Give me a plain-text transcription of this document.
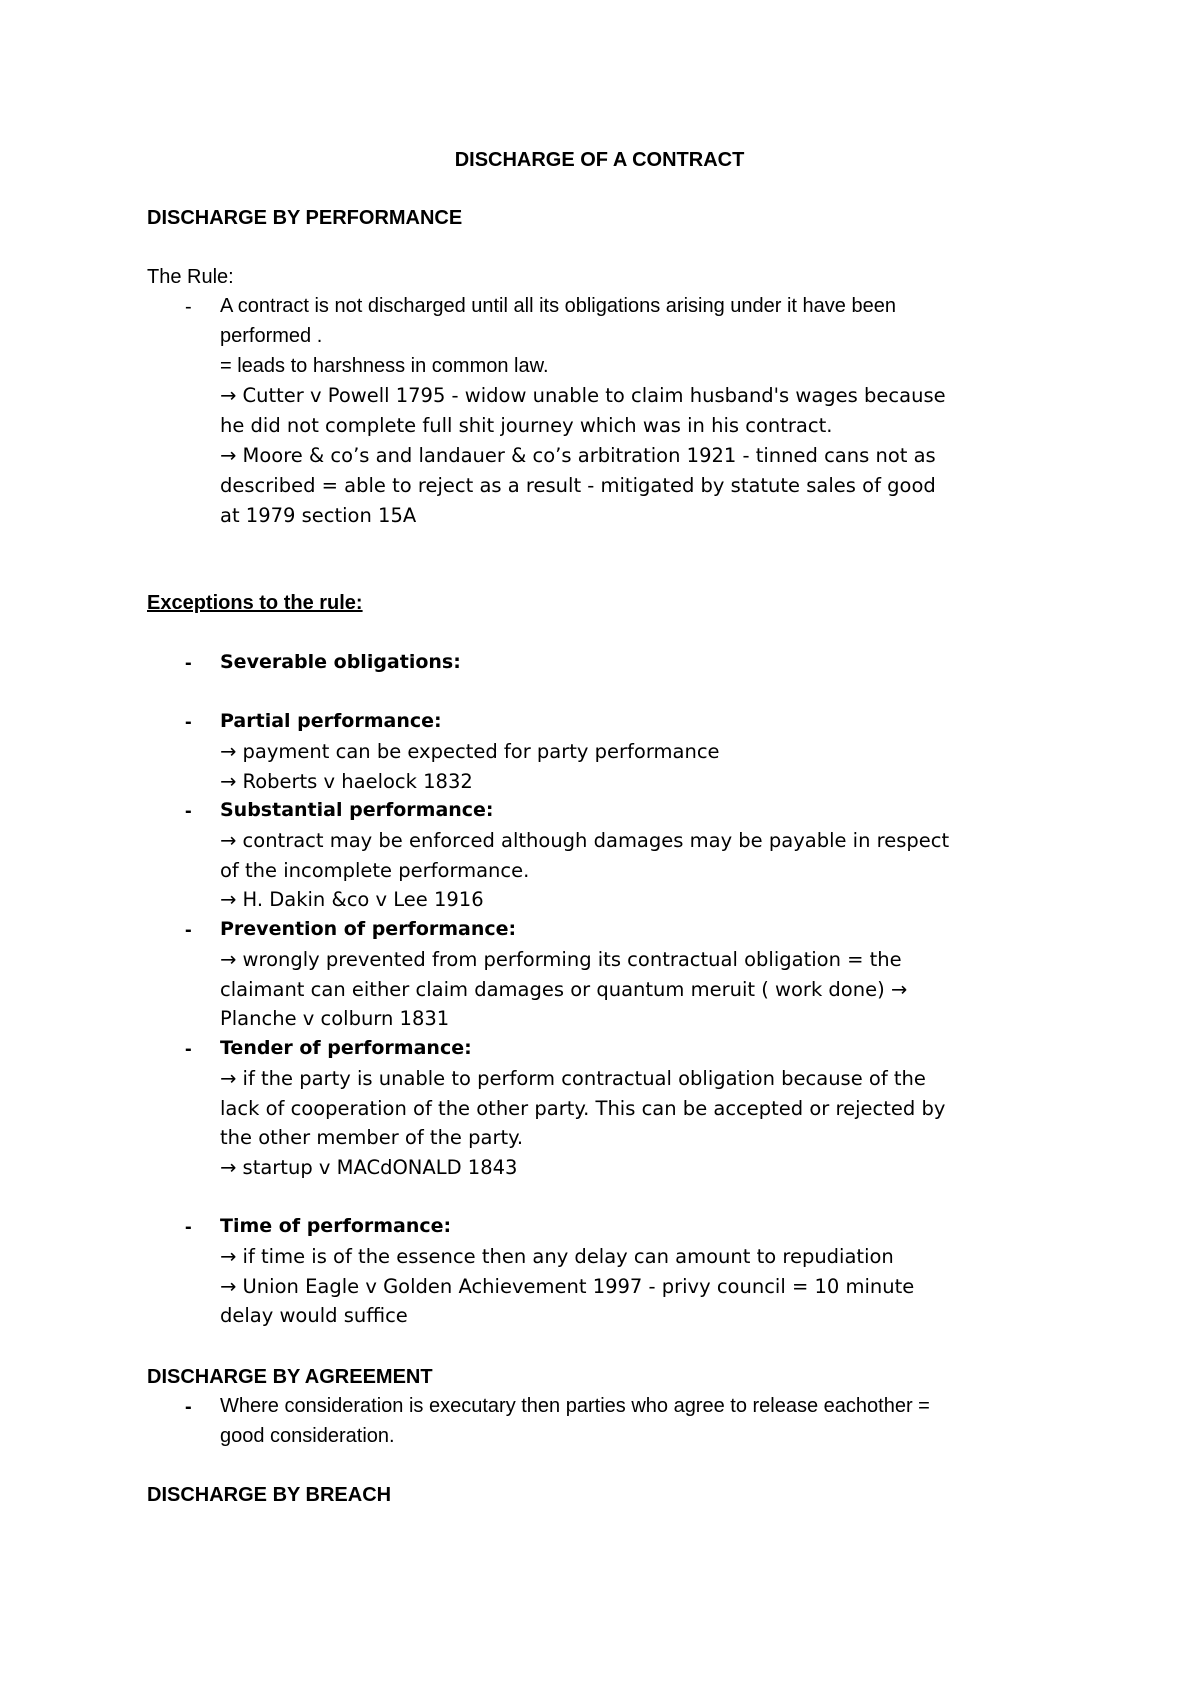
DISCHARGE OF A CONTRACT
DISCHARGE BY PERFORMANCE
The Rule:
- A contract is not discharged until all its obligations arising under it have been
performed .
= leads to harshness in common law.
→ Cutter v Powell 1795 - widow unable to claim husband's wages because
he did not complete full shit journey which was in his contract.
→ Moore & co’s and landauer & co’s arbitration 1921 - tinned cans not as
described = able to reject as a result - mitigated by statute sales of good
at 1979 section 15A
Exceptions to the rule:
- Severable obligations:
- Partial performance:
→ payment can be expected for party performance
→ Roberts v haelock 1832
- Substantial performance:
→ contract may be enforced although damages may be payable in respect
of the incomplete performance.
→ H. Dakin &co v Lee 1916
- Prevention of performance:
→ wrongly prevented from performing its contractual obligation = the
claimant can either claim damages or quantum meruit ( work done) →
Planche v colburn 1831
- Tender of performance:
→ if the party is unable to perform contractual obligation because of the
lack of cooperation of the other party. This can be accepted or rejected by
the other member of the party.
→ startup v MACdONALD 1843
- Time of performance:
→ if time is of the essence then any delay can amount to repudiation
→ Union Eagle v Golden Achievement 1997 - privy council = 10 minute
delay would suffice
DISCHARGE BY AGREEMENT
- Where consideration is executary then parties who agree to release eachother =
good consideration.
DISCHARGE BY BREACH
